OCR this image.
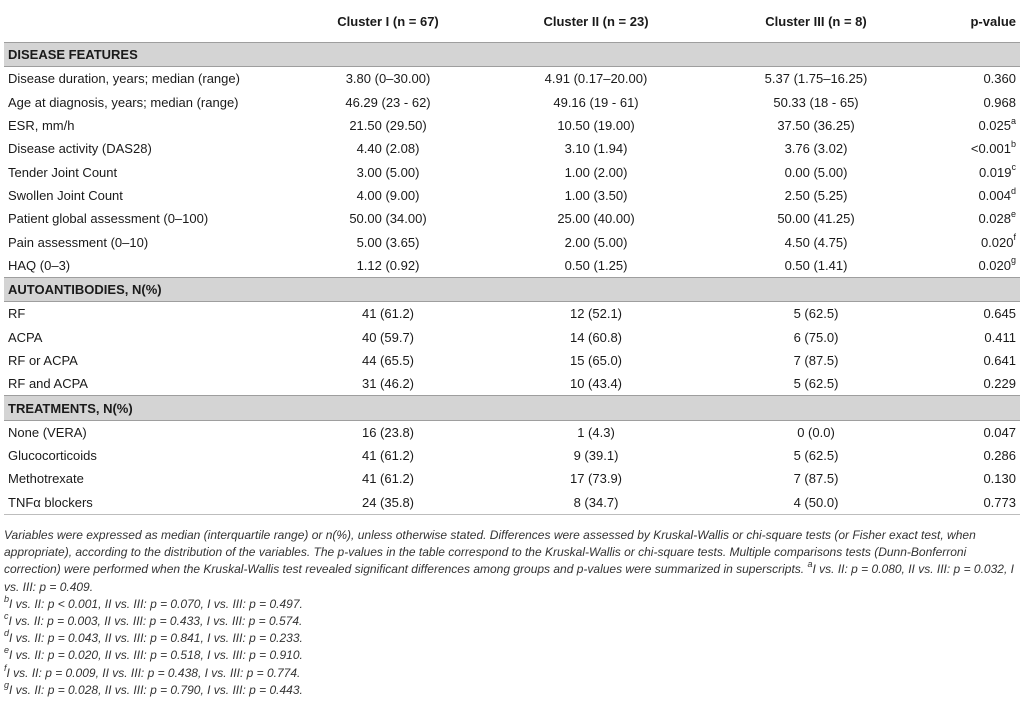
	Cluster I (n = 67)	Cluster II (n = 23)	Cluster III (n = 8)	p-value
DISEASE FEATURES				
Disease duration, years; median (range)	3.80 (0–30.00)	4.91 (0.17–20.00)	5.37 (1.75–16.25)	0.360
Age at diagnosis, years; median (range)	46.29 (23 - 62)	49.16 (19 - 61)	50.33 (18 - 65)	0.968
ESR, mm/h	21.50 (29.50)	10.50 (19.00)	37.50 (36.25)	0.025$^a$
Disease activity (DAS28)	4.40 (2.08)	3.10 (1.94)	3.76 (3.02)	<0.001$^b$
Tender Joint Count	3.00 (5.00)	1.00 (2.00)	0.00 (5.00)	0.019$^c$
Swollen Joint Count	4.00 (9.00)	1.00 (3.50)	2.50 (5.25)	0.004$^d$
Patient global assessment (0–100)	50.00 (34.00)	25.00 (40.00)	50.00 (41.25)	0.028e
Pain assessment (0–10)	5.00 (3.65)	2.00 (5.00)	4.50 (4.75)	0.020$^f$
HAQ (0–3)	1.12 (0.92)	0.50 (1.25)	0.50 (1.41)	0.020$^g$
AUTOANTIBODIES, N(%)				
RF	41 (61.2)	12 (52.1)	5 (62.5)	0.645
ACPA	40 (59.7)	14 (60.8)	6 (75.0)	0.411
RF or ACPA	44 (65.5)	15 (65.0)	7 (87.5)	0.641
RF and ACPA	31 (46.2)	10 (43.4)	5 (62.5)	0.229
TREATMENTS, N(%)				
None (VERA)	16 (23.8)	1 (4.3)	0 (0.0)	0.047
Glucocorticoids	41 (61.2)	9 (39.1)	5 (62.5)	0.286
Methotrexate	41 (61.2)	17 (73.9)	7 (87.5)	0.130
TNFα blockers	24 (35.8)	8 (34.7)	4 (50.0)	0.773

Variables were expressed as median (interquartile range) or n(%), unless otherwise stated. Differences were assessed by Kruskal-Wallis or chi-square tests (or Fisher exact test, when appropriate), according to the distribution of the variables. The p-values in the table correspond to the Kruskal-Wallis or chi-square tests. Multiple comparisons tests (Dunn-Bonferroni correction) were performed when the Kruskal-Wallis test revealed significant differences among groups and p-values were summarized in superscripts. $^a$I vs. II: p = 0.080, II vs. III: p = 0.032, I vs. III: p = 0.409.

$^b$I vs. II: p < 0.001, II vs. III: p = 0.070, I vs. III: p = 0.497.

$^c$I vs. II: p = 0.003, II vs. III: p = 0.433, I vs. III: p = 0.574.

$^d$I vs. II: p = 0.043, II vs. III: p = 0.841, I vs. III: p = 0.233.

$^e$I vs. II: p = 0.020, II vs. III: p = 0.518, I vs. III: p = 0.910.

$^f$I vs. II: p = 0.009, II vs. III: p = 0.438, I vs. III: p = 0.774.

$^g$I vs. II: p = 0.028, II vs. III: p = 0.790, I vs. III: p = 0.443.
